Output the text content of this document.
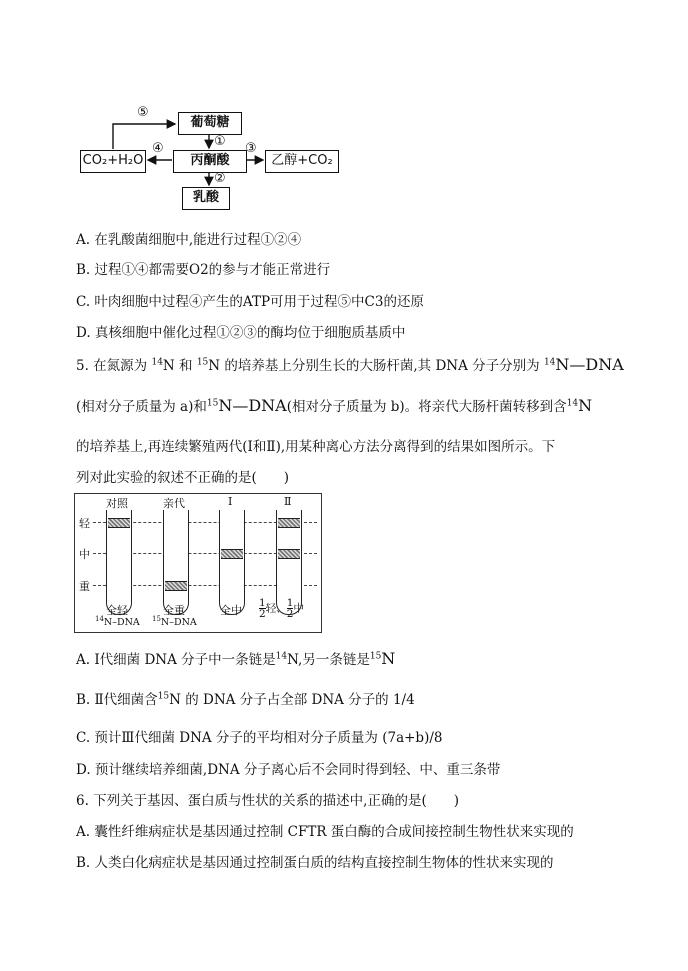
葡萄糖
丙酮酸
CO₂+H₂O	乙醇+CO₂
乳酸
①
②
③
④
⑤
A. 在乳酸菌细胞中,能进行过程①②④
B. 过程①④都需要O2的参与才能正常进行
C. 叶肉细胞中过程④产生的ATP可用于过程⑤中C3的还原
D. 真核细胞中催化过程①②③的酶均位于细胞质基质中
5. 在氮源为 $^{14}$N 和 $^{15}$N 的培养基上分别生长的大肠杆菌,其 DNA 分子分别为 $^{14}$N—DNA
(相对分子质量为 a)和$^{15}$N—DNA(相对分子质量为 b)。将亲代大肠杆菌转移到含$^{14}$N
的培养基上,再连续繁殖两代(Ⅰ和Ⅱ),用某种离心方法分离得到的结果如图所示。下
列对此实验的叙述不正确的是(　　)
对照	亲代	Ⅰ	Ⅱ
轻
中
重
全轻
$^{14}$N–DNA
全重
$^{15}$N–DNA
全中 $\frac{1}{2}$ 轻、 $\frac{1}{2}$ 中
A. Ⅰ代细菌 DNA 分子中一条链是$^{14}$N,另一条链是$^{15}$N
B. Ⅱ代细菌含$^{15}$N 的 DNA 分子占全部 DNA 分子的 1/4
C. 预计Ⅲ代细菌 DNA 分子的平均相对分子质量为 (7a+b)/8
D. 预计继续培养细菌,DNA 分子离心后不会同时得到轻、中、重三条带
6. 下列关于基因、蛋白质与性状的关系的描述中,正确的是(　　)
A. 囊性纤维病症状是基因通过控制 CFTR 蛋白酶的合成间接控制生物性状来实现的
B. 人类白化病症状是基因通过控制蛋白质的结构直接控制生物体的性状来实现的
